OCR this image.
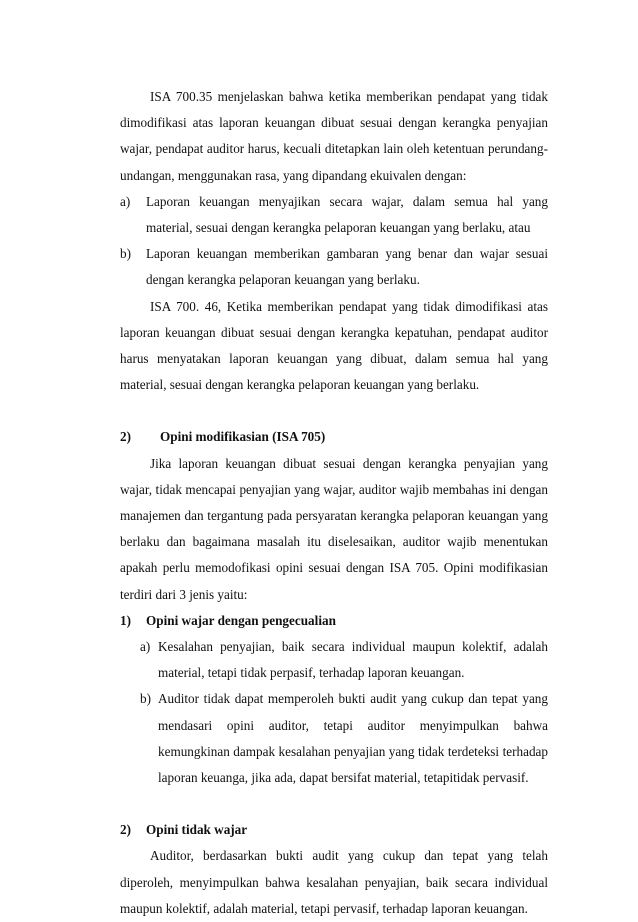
ISA 700.35 menjelaskan bahwa ketika memberikan pendapat yang tidak dimodifikasi atas laporan keuangan dibuat sesuai dengan kerangka penyajian wajar, pendapat auditor harus, kecuali ditetapkan lain oleh ketentuan perundang-undangan, menggunakan rasa, yang dipandang ekuivalen dengan:

a) Laporan keuangan menyajikan secara wajar, dalam semua hal yang material, sesuai dengan kerangka pelaporan keuangan yang berlaku, atau
b) Laporan keuangan memberikan gambaran yang benar dan wajar sesuai dengan kerangka pelaporan keuangan yang berlaku.

ISA 700. 46, Ketika memberikan pendapat yang tidak dimodifikasi atas laporan keuangan dibuat sesuai dengan kerangka kepatuhan, pendapat auditor harus menyatakan laporan keuangan yang dibuat, dalam semua hal yang material, sesuai dengan kerangka pelaporan keuangan yang berlaku.

2) Opini modifikasian (ISA 705)

Jika laporan keuangan dibuat sesuai dengan kerangka penyajian yang wajar, tidak mencapai penyajian yang wajar, auditor wajib membahas ini dengan manajemen dan tergantung pada persyaratan kerangka pelaporan keuangan yang berlaku dan bagaimana masalah itu diselesaikan, auditor wajib menentukan apakah perlu memodofikasi opini sesuai dengan ISA 705. Opini modifikasian terdiri dari 3 jenis yaitu:

1) Opini wajar dengan pengecualian
a) Kesalahan penyajian, baik secara individual maupun kolektif, adalah material, tetapi tidak perpasif, terhadap laporan keuangan.
b) Auditor tidak dapat memperoleh bukti audit yang cukup dan tepat yang mendasari opini auditor, tetapi auditor menyimpulkan bahwa kemungkinan dampak kesalahan penyajian yang tidak terdeteksi terhadap laporan keuanga, jika ada, dapat bersifat material, tetapitidak pervasif.
2) Opini tidak wajar

Auditor, berdasarkan bukti audit yang cukup dan tepat yang telah diperoleh, menyimpulkan bahwa kesalahan penyajian, baik secara individual maupun kolektif, adalah material, tetapi pervasif, terhadap laporan keuangan.
